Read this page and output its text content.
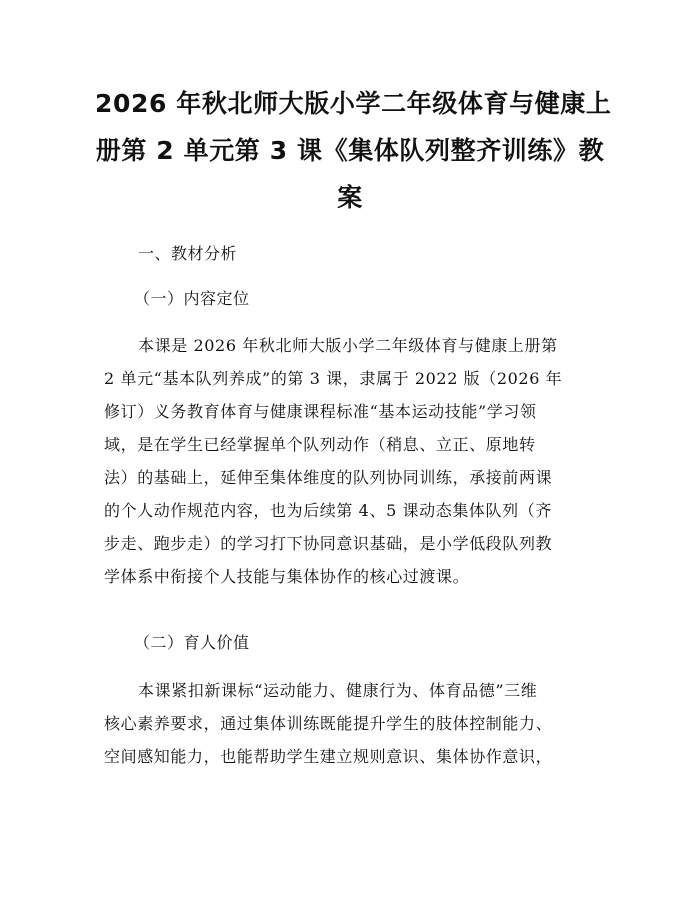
2026 年秋北师大版小学二年级体育与健康上
册第 2 单元第 3 课《集体队列整齐训练》教
案
一、教材分析
（一）内容定位
本课是 2026 年秋北师大版小学二年级体育与健康上册第
2 单元“基本队列养成”的第 3 课，隶属于 2022 版（2026 年
修订）义务教育体育与健康课程标准“基本运动技能”学习领
域，是在学生已经掌握单个队列动作（稍息、立正、原地转
法）的基础上，延伸至集体维度的队列协同训练，承接前两课
的个人动作规范内容，也为后续第 4、5 课动态集体队列（齐
步走、跑步走）的学习打下协同意识基础，是小学低段队列教
学体系中衔接个人技能与集体协作的核心过渡课。
（二）育人价值
本课紧扣新课标“运动能力、健康行为、体育品德”三维
核心素养要求，通过集体训练既能提升学生的肢体控制能力、
空间感知能力，也能帮助学生建立规则意识、集体协作意识，
